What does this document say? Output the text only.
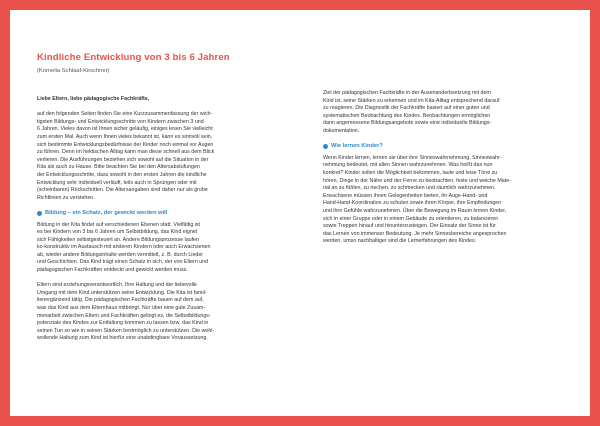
Kindliche Entwicklung von 3 bis 6 Jahren

(Kornelia Schlaaf-Kirschner)

Liebe Eltern, liebe pädagogische Fachkräfte,
auf den folgenden Seiten finden Sie eine Kurzzusammenfassung der wich-
tigsten Bildungs- und Entwicklungsschritte von Kindern zwischen 3 und
6 Jahren. Vieles davon ist Ihnen sicher geläufig, einiges lesen Sie vielleicht
zum ersten Mal. Auch wenn Ihnen vieles bekannt ist, kann es sinnvoll sein,
sich bestimmte Entwicklungsbedürfnisse der Kinder noch einmal vor Augen
zu führen. Denn im hektischen Alltag kann man diese schnell aus dem Blick
verlieren. Die Ausführungen beziehen sich sowohl auf die Situation in der
Kita als auch zu Hause. Bitte beachten Sie bei den Altersabstufungen
der Entwicklungsschritte, dass sowohl in den ersten Jahren die kindliche
Entwicklung sehr individuell verläuft, teils auch in Sprüngen oder mit
(scheinbaren) Rückschritten. Die Altersangaben sind daher nur als grobe
Richtlinien zu verstehen.
Bildung – ein Schatz, der gewickt werden will
Bildung in der Kita findet auf verschiedenen Ebenen statt. Vielfältig ist
es bei Kindern von 3 bis 6 Jahren um Selbstbildung, das Kind eignet
sich Fähigkeiten selbstgesteuert an. Andere Bildungsprozesse laufen
ko-konstruktiv im Austausch mit anderen Kindern oder auch Erwachsenen
ab, wieder andere Bildungsinhalte werden vermittelt, z. B. durch Lieder
und Geschichten. Das Kind trägt einen Schatz in sich, der von Eltern und
pädagogischen Fachkräften entdeckt und gewickt werden muss.
Eltern sind erziehungsverantwortlich. Ihre Haltung und der liebevolle
Umgang mit dem Kind unterstützen seine Entwicklung. Die Kita ist famil-
lienergänzend tätig. Die pädagogischen Fachkräfte bauen auf dem auf,
was das Kind aus dem Elternhaus mitbringt. Nur über eine gute Zusam-
menarbeit zwischen Eltern und Fachkräften gelingt es, die Selbstbildungs-
potenziale des Kindes zur Entfaltung kommen zu lassen bzw. das Kind in
seinen Tun so wie in seinen Stärken bestmöglich zu unterstützen. Die wohl-
wollende Haltung zum Kind ist hierfür eine unabdingbare Voraussetzung.
Ziel der pädagogischen Fachkräfte in der Ausenanderbsetzung mit dem
Kind ist, seine Stärken zu erkennen und im Kita-Alltag entsprechend darauf
zu reagieren. Die Diagnostik der Fachkräfte basiert auf einer guten und
systematischen Beobachtung des Kindes. Beobachtungen ermöglichen
dann angemessene Bildungsangebote sowie eine individuelle Bildungs-
dokumentation.
Wie lernen Kinder?
Wenn Kinder lernen, lernen sie über ihre Sinneswahrnehmung. Sinneswahr-
nehmung bedeutet, mit allen Sinnen wahrzunehmen. Was heißt das nun
konkret? Kinder sollen die Möglichkeit bekommen, laute und leise Töne zu
hören, Dinge in der Nähe und der Ferne zu beobachten, feste und weiche Mate-
rial an zu fühlen, zu riechen, zu schmecken und räumlich wahrzunehmen.
Erwachsene müssen ihnen Gelegenheiten bieten, ihr Auge-Hand- und
Hand-Hand-Koordination zu schulen sowie ihren Körper, ihre Empfindungen
und ihre Gefühle wahrzunehmen. Über die Bewegung im Raum lernen Kinder,
sich in einer Gruppe oder in einem Gebäude zu orientieren, zu balancieren
sowie Treppen hinauf und hinunterzusteigen. Der Einsatz der Sinne ist für
das Lernen von immenser Bedeutung. Je mehr Sinnesbereiche angesprochen
werden, umso nachhaltiger sind die Lernerfahrungen des Kindes.
